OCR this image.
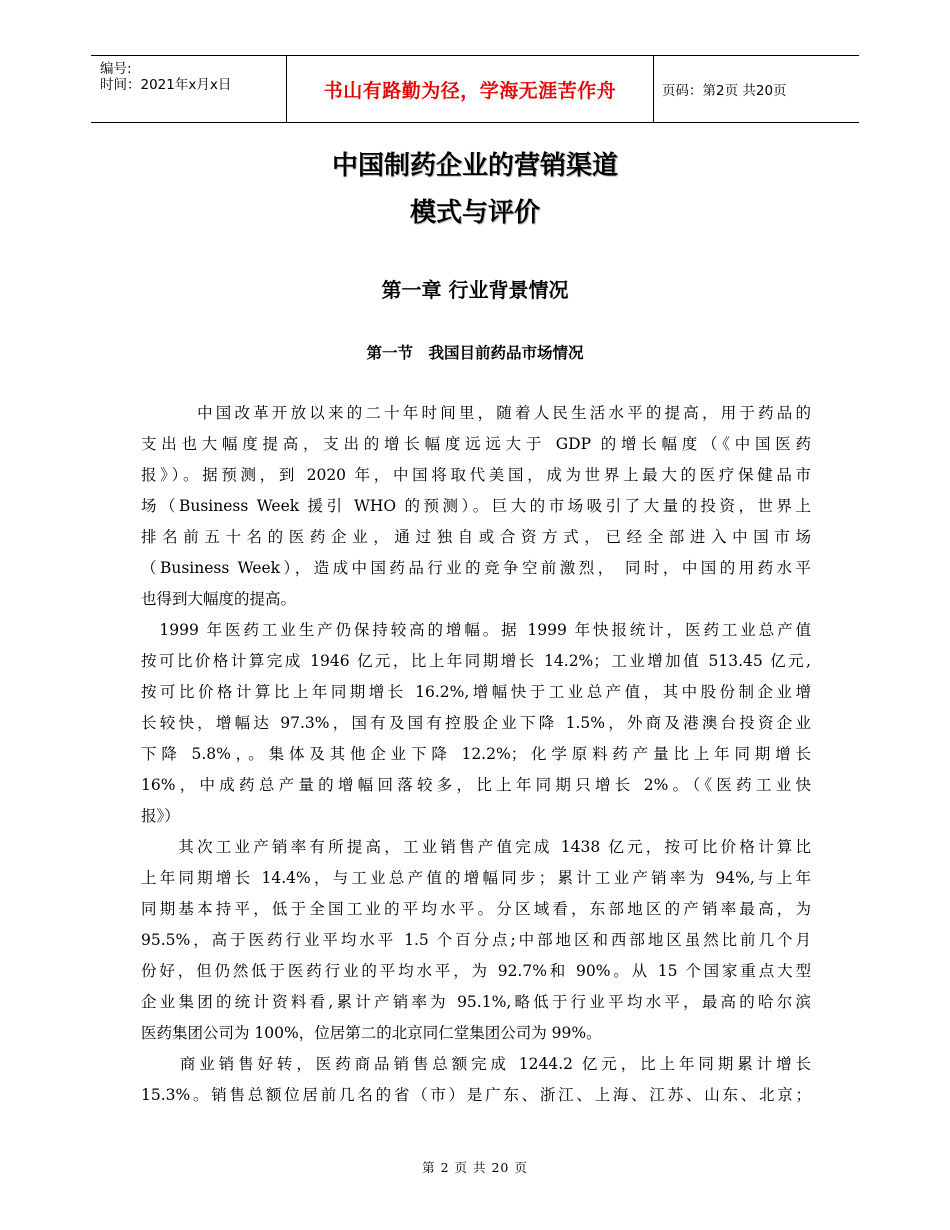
编号:
时间：2021年x月x日	书山有路勤为径，学海无涯苦作舟	页码：第2页 共20页
中国制药企业的营销渠道
模式与评价
第一章 行业背景情况
第一节　我国目前药品市场情况
　　　中国改革开放以来的二十年时间里，随着人民生活水平的提高，用于药品的
支出也大幅度提高，支出的增长幅度远远大于 GDP 的增长幅度（《中国医药
报》）。据预测，到 2020 年，中国将取代美国，成为世界上最大的医疗保健品市
场（Business Week 援引 WHO 的预测）。巨大的市场吸引了大量的投资，世界上
排名前五十名的医药企业，通过独自或合资方式，已经全部进入中国市场
（Business Week），造成中国药品行业的竞争空前激烈， 同时，中国的用药水平
也得到大幅度的提高。
　1999 年医药工业生产仍保持较高的增幅。据 1999 年快报统计，医药工业总产值
按可比价格计算完成 1946 亿元，比上年同期增长 14.2%；工业增加值 513.45 亿元,
按可比价格计算比上年同期增长 16.2%,增幅快于工业总产值，其中股份制企业增
长较快，增幅达 97.3%，国有及国有控股企业下降 1.5%，外商及港澳台投资企业
下降 5.8%，。集体及其他企业下降 12.2%；化学原料药产量比上年同期增长
16%，中成药总产量的增幅回落较多，比上年同期只增长 2%。（《医药工业快
报》）
　　其次工业产销率有所提高，工业销售产值完成 1438 亿元，按可比价格计算比
上年同期增长 14.4%，与工业总产值的增幅同步；累计工业产销率为 94%,与上年
同期基本持平，低于全国工业的平均水平。分区域看，东部地区的产销率最高，为
95.5%，高于医药行业平均水平 1.5 个百分点;中部地区和西部地区虽然比前几个月
份好，但仍然低于医药行业的平均水平，为 92.7%和 90%。从 15 个国家重点大型
企业集团的统计资料看,累计产销率为 95.1%,略低于行业平均水平，最高的哈尔滨
医药集团公司为 100%，位居第二的北京同仁堂集团公司为 99%。
　　商业销售好转，医药商品销售总额完成 1244.2 亿元，比上年同期累计增长
15.3%。销售总额位居前几名的省（市）是广东、浙江、上海、江苏、山东、北京；
第 2 页 共 20 页
